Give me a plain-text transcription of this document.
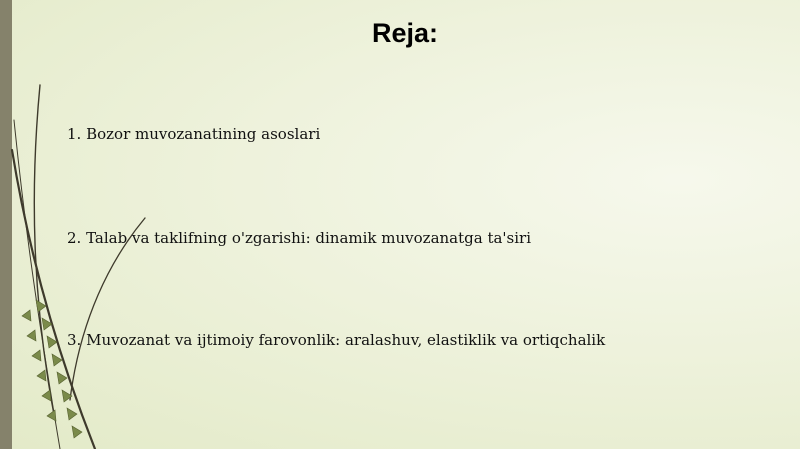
Reja:
1. Bozor muvozanatining asoslari
2. Talab va taklifning o'zgarishi: dinamik muvozanatga ta'siri
3. Muvozanat va ijtimoiy farovonlik: aralashuv, elastiklik va ortiqchalik
